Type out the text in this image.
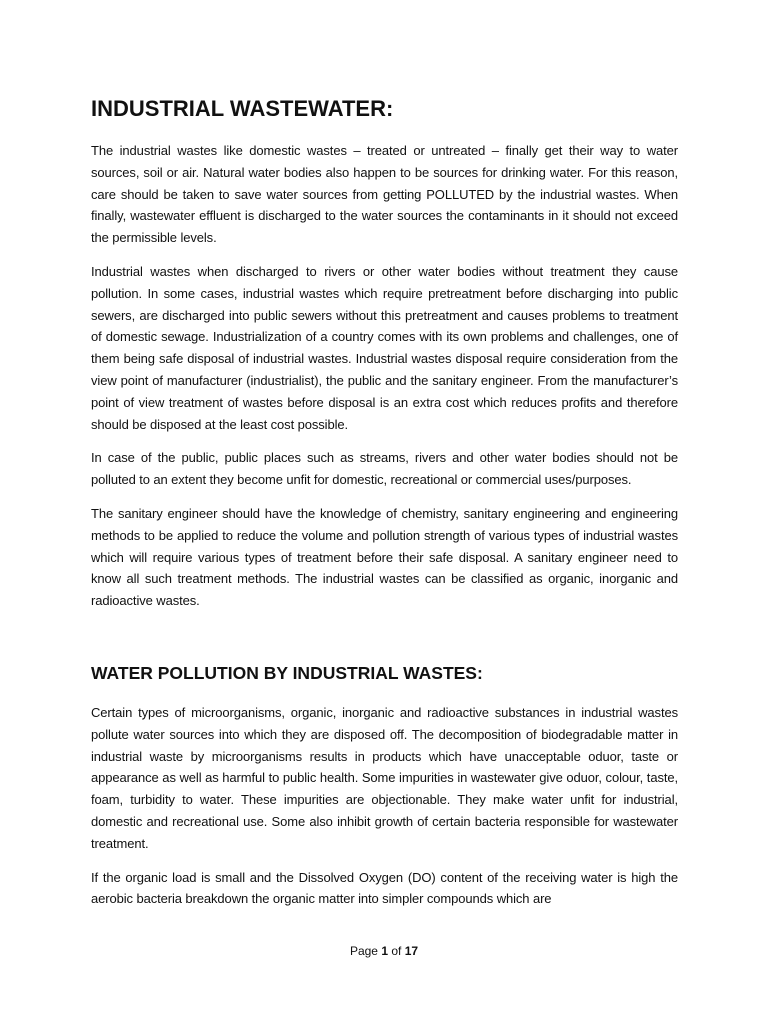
INDUSTRIAL WASTEWATER:

The industrial wastes like domestic wastes – treated or untreated – finally get their way to water sources, soil or air. Natural water bodies also happen to be sources for drinking water. For this reason, care should be taken to save water sources from getting POLLUTED by the industrial wastes. When finally, wastewater effluent is discharged to the water sources the contaminants in it should not exceed the permissible levels.

Industrial wastes when discharged to rivers or other water bodies without treatment they cause pollution. In some cases, industrial wastes which require pretreatment before discharging into public sewers, are discharged into public sewers without this pretreatment and causes problems to treatment of domestic sewage. Industrialization of a country comes with its own problems and challenges, one of them being safe disposal of industrial wastes. Industrial wastes disposal require consideration from the view point of manufacturer (industrialist), the public and the sanitary engineer. From the manufacturer’s point of view treatment of wastes before disposal is an extra cost which reduces profits and therefore should be disposed at the least cost possible.

In case of the public, public places such as streams, rivers and other water bodies should not be polluted to an extent they become unfit for domestic, recreational or commercial uses/purposes.

The sanitary engineer should have the knowledge of chemistry, sanitary engineering and engineering methods to be applied to reduce the volume and pollution strength of various types of industrial wastes which will require various types of treatment before their safe disposal. A sanitary engineer need to know all such treatment methods. The industrial wastes can be classified as organic, inorganic and radioactive wastes.

WATER POLLUTION BY INDUSTRIAL WASTES:

Certain types of microorganisms, organic, inorganic and radioactive substances in industrial wastes pollute water sources into which they are disposed off. The decomposition of biodegradable matter in industrial waste by microorganisms results in products which have unacceptable oduor, taste or appearance as well as harmful to public health. Some impurities in wastewater give oduor, colour, taste, foam, turbidity to water. These impurities are objectionable. They make water unfit for industrial, domestic and recreational use. Some also inhibit growth of certain bacteria responsible for wastewater treatment.

If the organic load is small and the Dissolved Oxygen (DO) content of the receiving water is high the aerobic bacteria breakdown the organic matter into simpler compounds which are

Page 1 of 17
